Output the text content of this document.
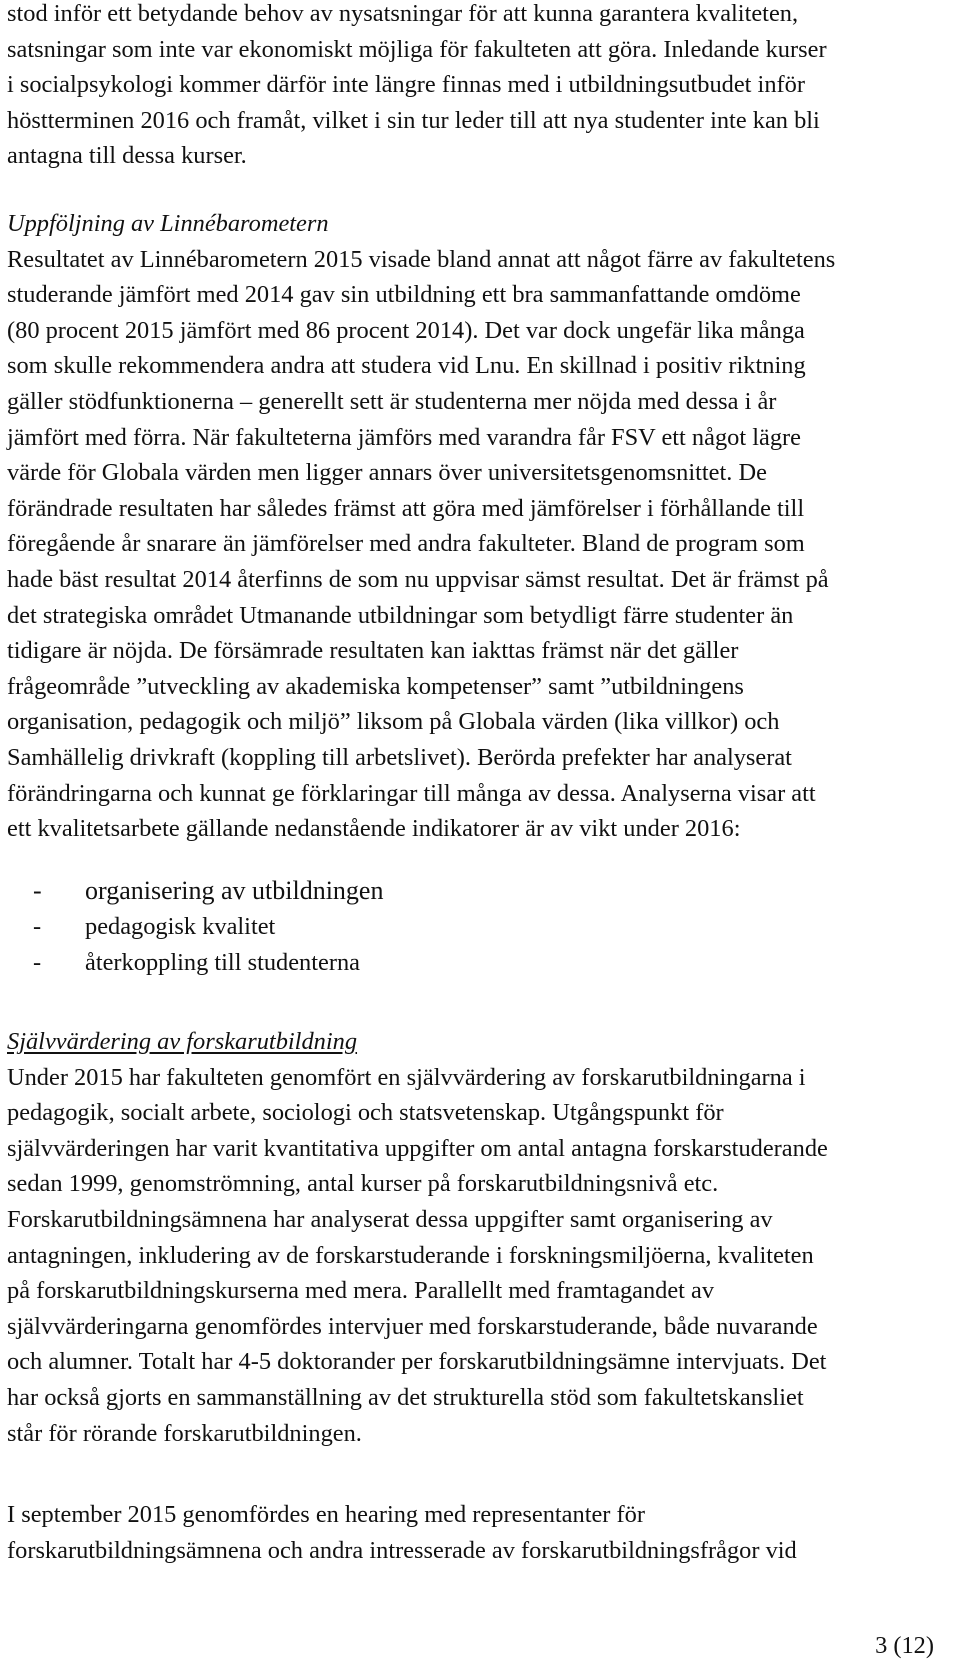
stod inför ett betydande behov av nysatsningar för att kunna garantera kvaliteten,
satsningar som inte var ekonomiskt möjliga för fakulteten att göra. Inledande kurser
i socialpsykologi kommer därför inte längre finnas med i utbildningsutbudet inför
höstterminen 2016 och framåt, vilket i sin tur leder till att nya studenter inte kan bli
antagna till dessa kurser.

Uppföljning av Linnébarometern

Resultatet av Linnébarometern 2015 visade bland annat att något färre av fakultetens
studerande jämfört med 2014 gav sin utbildning ett bra sammanfattande omdöme
(80 procent 2015 jämfört med 86 procent 2014). Det var dock ungefär lika många
som skulle rekommendera andra att studera vid Lnu. En skillnad i positiv riktning
gäller stödfunktionerna – generellt sett är studenterna mer nöjda med dessa i år
jämfört med förra. När fakulteterna jämförs med varandra får FSV ett något lägre
värde för Globala värden men ligger annars över universitetsgenomsnittet. De
förändrade resultaten har således främst att göra med jämförelser i förhållande till
föregående år snarare än jämförelser med andra fakulteter. Bland de program som
hade bäst resultat 2014 återfinns de som nu uppvisar sämst resultat. Det är främst på
det strategiska området Utmanande utbildningar som betydligt färre studenter än
tidigare är nöjda. De försämrade resultaten kan iakttas främst när det gäller
frågeområde ”utveckling av akademiska kompetenser” samt ”utbildningens
organisation, pedagogik och miljö” liksom på Globala värden (lika villkor) och
Samhällelig drivkraft (koppling till arbetslivet). Berörda prefekter har analyserat
förändringarna och kunnat ge förklaringar till många av dessa. Analyserna visar att
ett kvalitetsarbete gällande nedanstående indikatorer är av vikt under 2016:

-	organisering av utbildningen
-	pedagogisk kvalitet
-	återkoppling till studenterna

Självvärdering av forskarutbildning

Under 2015 har fakulteten genomfört en självvärdering av forskarutbildningarna i
pedagogik, socialt arbete, sociologi och statsvetenskap. Utgångspunkt för
självvärderingen har varit kvantitativa uppgifter om antal antagna forskarstuderande
sedan 1999, genomströmning, antal kurser på forskarutbildningsnivå etc.
Forskarutbildningsämnena har analyserat dessa uppgifter samt organisering av
antagningen, inkludering av de forskarstuderande i forskningsmiljöerna, kvaliteten
på forskarutbildningskurserna med mera. Parallellt med framtagandet av
självvärderingarna genomfördes intervjuer med forskarstuderande, både nuvarande
och alumner. Totalt har 4-5 doktorander per forskarutbildningsämne intervjuats. Det
har också gjorts en sammanställning av det strukturella stöd som fakultetskansliet
står för rörande forskarutbildningen.

I september 2015 genomfördes en hearing med representanter för
forskarutbildningsämnena och andra intresserade av forskarutbildningsfrågor vid

3 (12)
